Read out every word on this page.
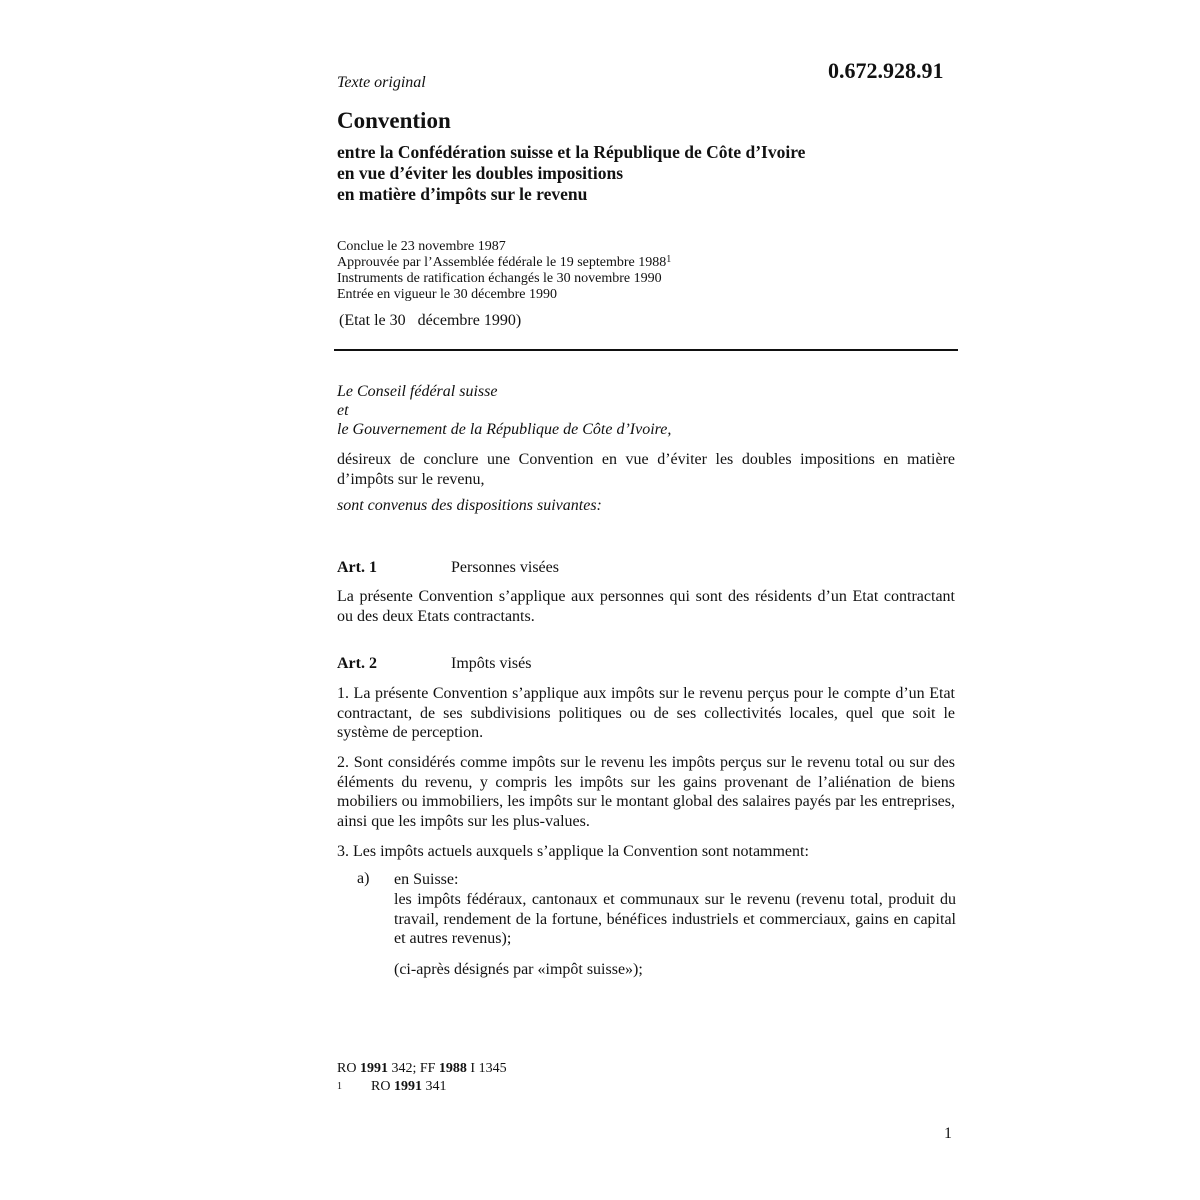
Texte original	0.672.928.91
Convention
entre la Confédération suisse et la République de Côte d’Ivoire
en vue d’éviter les doubles impositions
en matière d’impôts sur le revenu
Conclue le 23 novembre 1987
Approuvée par l’Assemblée fédérale le 19 septembre 1988$^1$
Instruments de ratification échangés le 30 novembre 1990
Entrée en vigueur le 30 décembre 1990
(Etat le 30   décembre 1990)
Le Conseil fédéral suisse
et
le Gouvernement de la République de Côte d’Ivoire,
désireux de conclure une Convention en vue d’éviter les doubles impositions en matière d’impôts sur le revenu,
sont convenus des dispositions suivantes:
Art. 1	Personnes visées
La présente Convention s’applique aux personnes qui sont des résidents d’un Etat contractant ou des deux Etats contractants.
Art. 2	Impôts visés
1. La présente Convention s’applique aux impôts sur le revenu perçus pour le compte d’un Etat contractant, de ses subdivisions politiques ou de ses collectivités locales, quel que soit le système de perception.
2. Sont considérés comme impôts sur le revenu les impôts perçus sur le revenu total ou sur des éléments du revenu, y compris les impôts sur les gains provenant de l’aliénation de biens mobiliers ou immobiliers, les impôts sur le montant global des salaires payés par les entreprises, ainsi que les impôts sur les plus-values.
3. Les impôts actuels auxquels s’applique la Convention sont notamment:
a) en Suisse:
les impôts fédéraux, cantonaux et communaux sur le revenu (revenu total, produit du travail, rendement de la fortune, bénéfices industriels et commerciaux, gains en capital et autres revenus);
(ci-après désignés par «impôt suisse»);
RO 1991 342; FF 1988 I 1345
1 RO 1991 341
1
